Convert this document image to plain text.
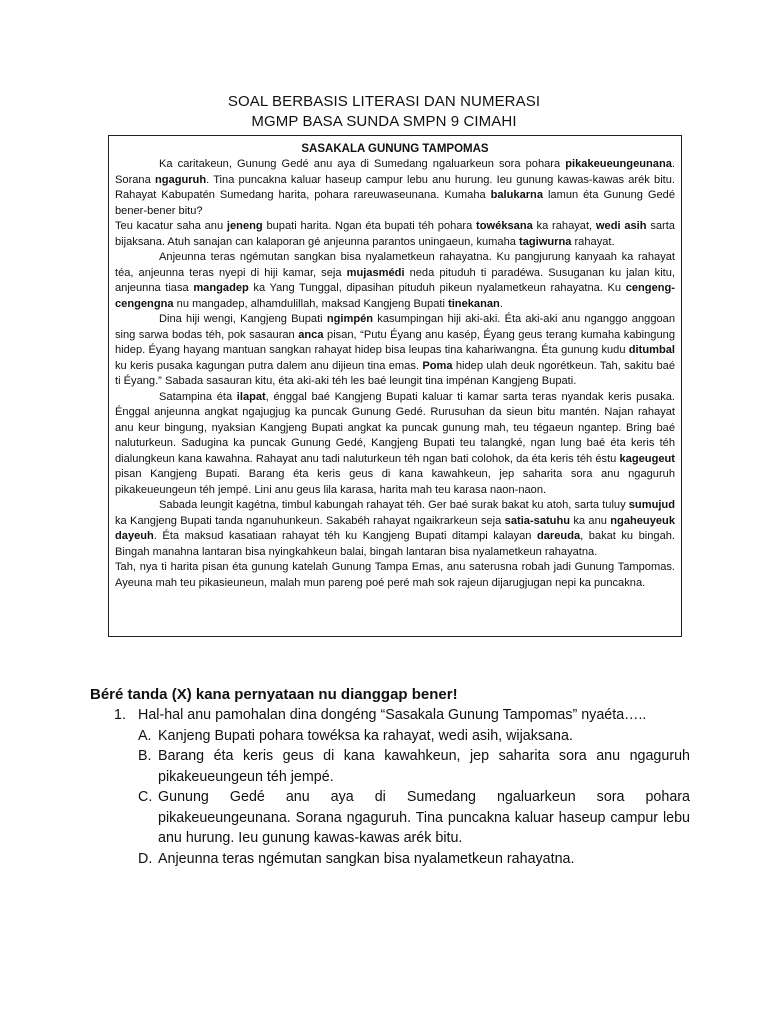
SOAL BERBASIS LITERASI DAN NUMERASI
MGMP BASA SUNDA SMPN 9 CIMAHI
SASAKALA GUNUNG TAMPOMAS

Ka caritakeun, Gunung Gedé anu aya di Sumedang ngaluarkeun sora pohara pikakeueungeunana. Sorana ngaguruh. Tina puncakna kaluar haseup campur lebu anu hurung. Ieu gunung kawas-kawas arék bitu. Rahayat Kabupatén Sumedang harita, pohara rareuwaseunana. Kumaha balukarna lamun éta Gunung Gedé bener-bener bitu?

Teu kacatur saha anu jeneng bupati harita. Ngan éta bupati téh pohara towéksana ka rahayat, wedi asih sarta bijaksana. Atuh sanajan can kalaporan gé anjeunna parantos uningaeun, kumaha tagiwurna rahayat.

Anjeunna teras ngémutan sangkan bisa nyalametkeun rahayatna. Ku pangjurung kanyaah ka rahayat téa, anjeunna teras nyepi di hiji kamar, seja mujasmédi neda pituduh ti paradéwa. Susuganan ku jalan kitu, anjeunna tiasa mangadep ka Yang Tunggal, dipasihan pituduh pikeun nyalametkeun rahayatna. Ku cengeng-cengengna nu mangadep, alhamdulillah, maksad Kangjeng Bupati tinekanan.

Dina hiji wengi, Kangjeng Bupati ngimpén kasumpingan hiji aki-aki. Éta aki-aki anu nganggo anggoan sing sarwa bodas téh, pok sasauran anca pisan, “Putu Éyang anu kasép, Éyang geus terang kumaha kabingung hidep. Éyang hayang mantuan sangkan rahayat hidep bisa leupas tina kahariwangna. Éta gunung kudu ditumbal ku keris pusaka kagungan putra dalem anu dijieun tina emas. Poma hidep ulah deuk ngorétkeun. Tah, sakitu baé ti Éyang.” Sabada sasauran kitu, éta aki-aki téh les baé leungit tina impénan Kangjeng Bupati.

Satampina éta ilapat, énggal baé Kangjeng Bupati kaluar ti kamar sarta teras nyandak keris pusaka. Énggal anjeunna angkat ngajugjug ka puncak Gunung Gedé. Rurusuhan da sieun bitu mantén. Najan rahayat anu keur bingung, nyaksian Kangjeng Bupati angkat ka puncak gunung mah, teu tégaeun ngantep. Bring baé naluturkeun. Sadugina ka puncak Gunung Gedé, Kangjeng Bupati teu talangké, ngan lung baé éta keris téh dialungkeun kana kawahna. Rahayat anu tadi naluturkeun téh ngan bati colohok, da éta keris téh éstu kageugeut pisan Kangjeng Bupati. Barang éta keris geus di kana kawahkeun, jep saharita sora anu ngaguruh pikakeueungeun téh jempé. Lini anu geus lila karasa, harita mah teu karasa naon-naon.

Sabada leungit kagétna, timbul kabungah rahayat téh. Ger baé surak bakat ku atoh, sarta tuluy sumujud ka Kangjeng Bupati tanda nganuhunkeun. Sakabéh rahayat ngaikrarkeun seja satia-satuhu ka anu ngaheuyeuk dayeuh. Éta maksud kasatiaan rahayat téh ku Kangjeng Bupati ditampi kalayan dareuda, bakat ku bingah. Bingah manahna lantaran bisa nyingkahkeun balai, bingah lantaran bisa nyalametkeun rahayatna.

Tah, nya ti harita pisan éta gunung katelah Gunung Tampa Emas, anu saterusna robah jadi Gunung Tampomas. Ayeuna mah teu pikasieuneun, malah mun pareng poé peré mah sok rajeun dijarugjugan nepi ka puncakna.

Béré tanda (X) kana pernyataan nu dianggap bener!
1. Hal-hal anu pamohalan dina dongéng “Sasakala Gunung Tampomas” nyaéta…..
A. Kanjeng Bupati pohara towéksa ka rahayat, wedi asih, wijaksana.
B. Barang éta keris geus di kana kawahkeun, jep saharita sora anu ngaguruh pikakeueungeun téh jempé.
C. Gunung Gedé anu aya di Sumedang ngaluarkeun sora pohara pikakeueungeunana. Sorana ngaguruh. Tina puncakna kaluar haseup campur lebu anu hurung. Ieu gunung kawas-kawas arék bitu.
D. Anjeunna teras ngémutan sangkan bisa nyalametkeun rahayatna.
